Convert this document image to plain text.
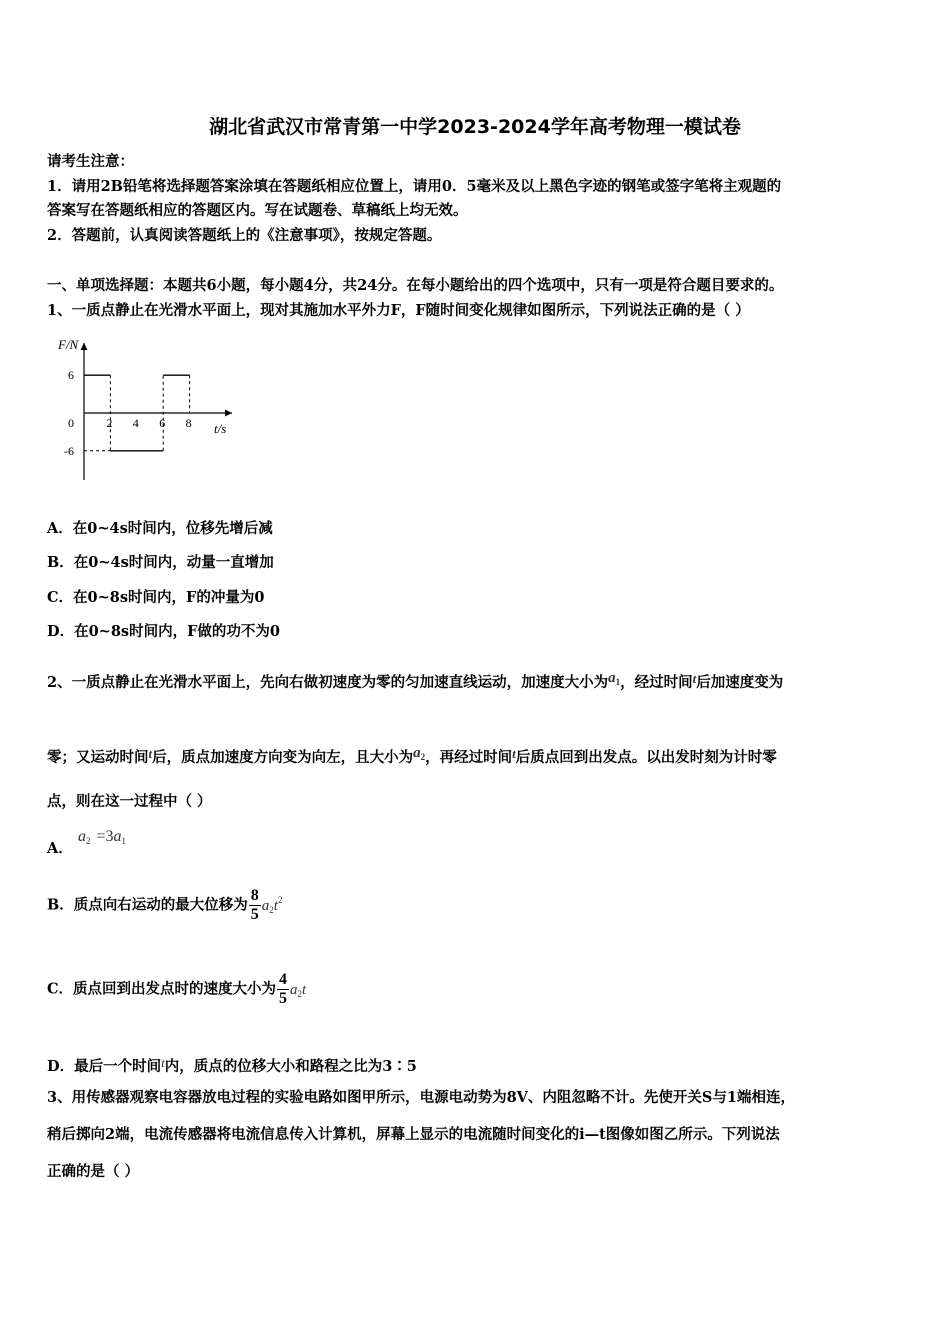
湖北省武汉市常青第一中学2023-2024学年高考物理一模试卷
请考生注意：
1．请用2B铅笔将选择题答案涂填在答题纸相应位置上，请用0．5毫米及以上黑色字迹的钢笔或签字笔将主观题的
答案写在答题纸相应的答题区内。写在试题卷、草稿纸上均无效。
2．答题前，认真阅读答题纸上的《注意事项》，按规定答题。
一、单项选择题：本题共6小题，每小题4分，共24分。在每小题给出的四个选项中，只有一项是符合题目要求的。
1、一质点静止在光滑水平面上，现对其施加水平外力F，F随时间变化规律如图所示，下列说法正确的是（ ）
2 4 6 8
6
0
-6
F/N
t/s
A．在0~4s时间内，位移先增后减
B．在0~4s时间内，动量一直增加
C．在0~8s时间内，F的冲量为0
D．在0~8s时间内，F做的功不为0
2、一质点静止在光滑水平面上，先向右做初速度为零的匀加速直线运动，加速度大小为$a_1$，经过时间t后加速度变为
零；又运动时间t后，质点加速度方向变为向左，且大小为$a_2$，再经过时间t后质点回到出发点。以出发时刻为计时零
点，则在这一过程中（ ）
A．
$a_2 =3a_1$
B．质点向右运动的最大位移为 $\frac{8}{5} a_2t^2$
C．质点回到出发点时的速度大小为 $\frac{4}{5} a_2t$
D．最后一个时间t内，质点的位移大小和路程之比为3∶5
3、用传感器观察电容器放电过程的实验电路如图甲所示，电源电动势为8V、内阻忽略不计。先使开关S与1端相连，
稍后掷向2端，电流传感器将电流信息传入计算机，屏幕上显示的电流随时间变化的i—t图像如图乙所示。下列说法
正确的是（ ）
